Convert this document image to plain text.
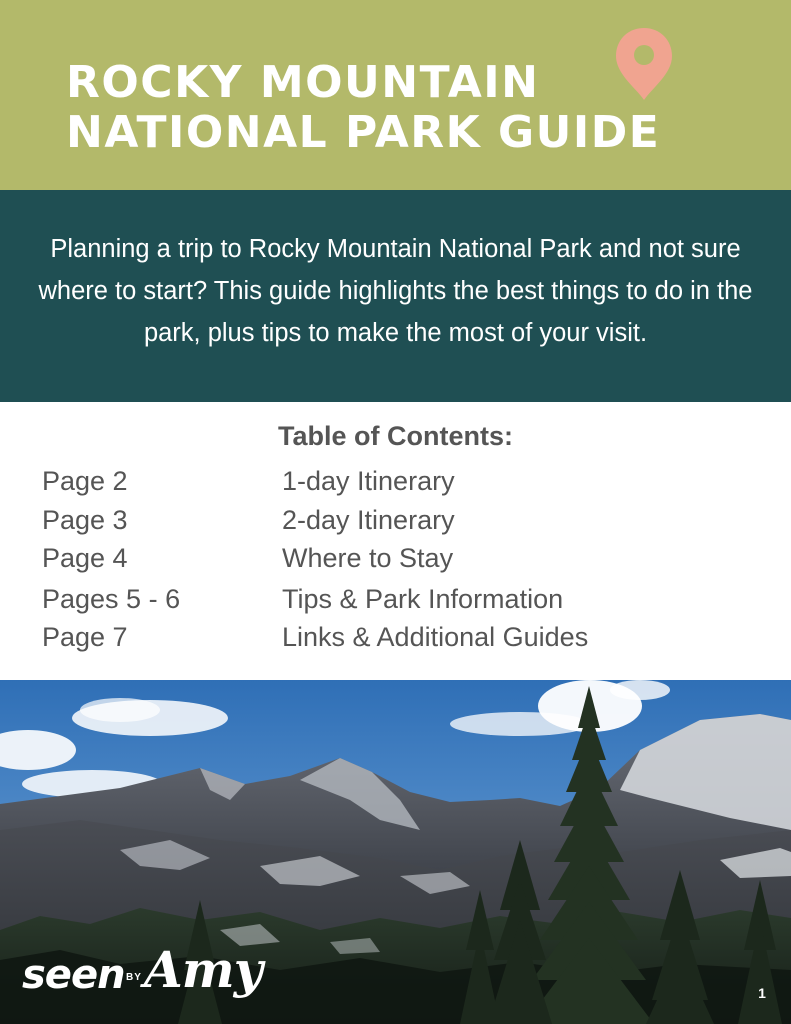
ROCKY MOUNTAIN
NATIONAL PARK GUIDE

Planning a trip to Rocky Mountain National Park and not sure where to start? This guide highlights the best things to do in the park, plus tips to make the most of your visit.

Table of Contents:
Page 2	1-day Itinerary
Page 3	2-day Itinerary
Page 4	Where to Stay
Pages 5 - 6	Tips & Park Information
Page 7	Links & Additional Guides
seen BY Amy	1
